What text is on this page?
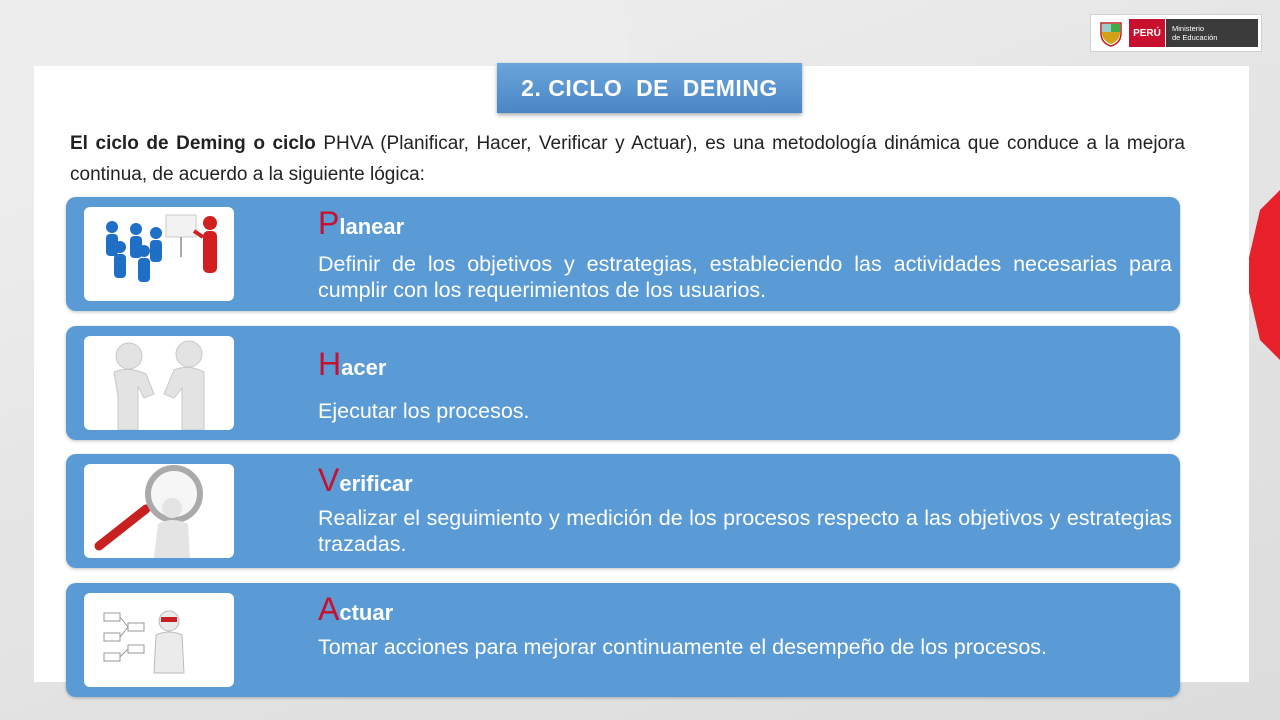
PERÚ	Ministerio
de Educación
2. CICLO  DE  DEMING
El ciclo de Deming o ciclo PHVA (Planificar, Hacer, Verificar y Actuar), es una metodología dinámica que conduce a la mejora continua, de acuerdo a la siguiente lógica:
Planear
Definir de los objetivos y estrategias, estableciendo las actividades necesarias para cumplir con los requerimientos de los usuarios.
Hacer
Ejecutar los procesos.
Verificar
Realizar el seguimiento y medición de los procesos respecto a las objetivos y estrategias trazadas.
Actuar
Tomar acciones para mejorar continuamente el desempeño de los procesos.
